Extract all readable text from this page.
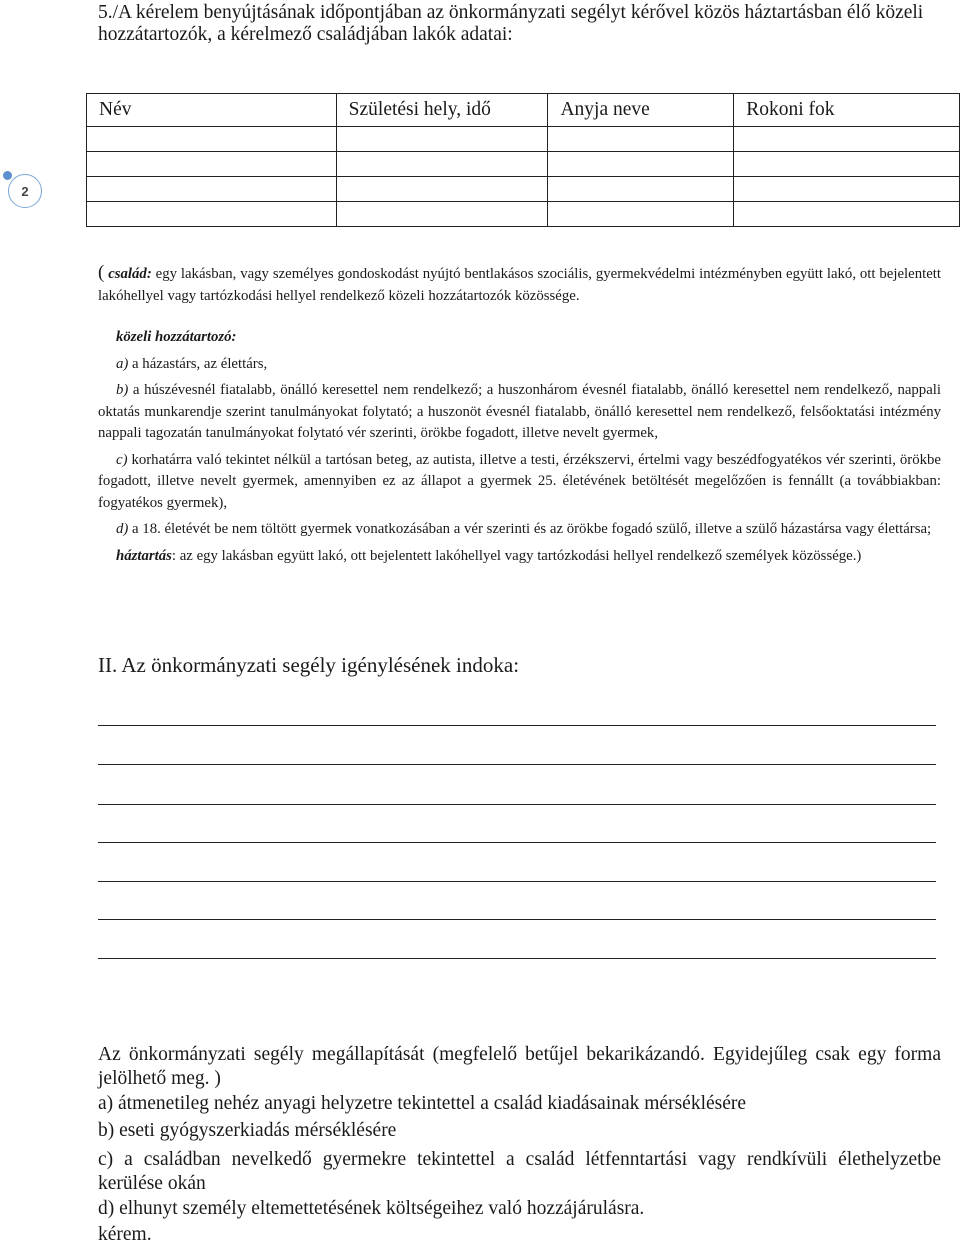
5./A kérelem benyújtásának időpontjában az önkormányzati segélyt kérővel közös háztartásban élő közeli hozzátartozók, a kérelmező családjában lakók adatai:

Név	Születési hely, idő	Anyja neve	Rokoni fok

2

( család: egy lakásban, vagy személyes gondoskodást nyújtó bentlakásos szociális, gyermekvédelmi intézményben együtt lakó, ott bejelentett lakóhellyel vagy tartózkodási hellyel rendelkező közeli hozzátartozók közössége.

közeli hozzátartozó:

a) a házastárs, az élettárs,

b) a húszévesnél fiatalabb, önálló keresettel nem rendelkező; a huszonhárom évesnél fiatalabb, önálló keresettel nem rendelkező, nappali oktatás munkarendje szerint tanulmányokat folytató; a huszonöt évesnél fiatalabb, önálló keresettel nem rendelkező, felsőoktatási intézmény nappali tagozatán tanulmányokat folytató vér szerinti, örökbe fogadott, illetve nevelt gyermek,

c) korhatárra való tekintet nélkül a tartósan beteg, az autista, illetve a testi, érzékszervi, értelmi vagy beszédfogyatékos vér szerinti, örökbe fogadott, illetve nevelt gyermek, amennyiben ez az állapot a gyermek 25. életévének betöltését megelőzően is fennállt (a továbbiakban: fogyatékos gyermek),

d) a 18. életévét be nem töltött gyermek vonatkozásában a vér szerinti és az örökbe fogadó szülő, illetve a szülő házastársa vagy élettársa;

háztartás: az egy lakásban együtt lakó, ott bejelentett lakóhellyel vagy tartózkodási hellyel rendelkező személyek közössége.)

II. Az önkormányzati segély igénylésének indoka:

Az önkormányzati segély megállapítását (megfelelő betűjel bekarikázandó. Egyidejűleg csak egy forma jelölhető meg. )

a) átmenetileg nehéz anyagi helyzetre tekintettel a család kiadásainak mérséklésére

b) eseti gyógyszerkiadás mérséklésére

c) a családban nevelkedő gyermekre tekintettel a család létfenntartási vagy rendkívüli élethelyzetbe kerülése okán

d) elhunyt személy eltemettetésének költségeihez való hozzájárulásra.

kérem.
